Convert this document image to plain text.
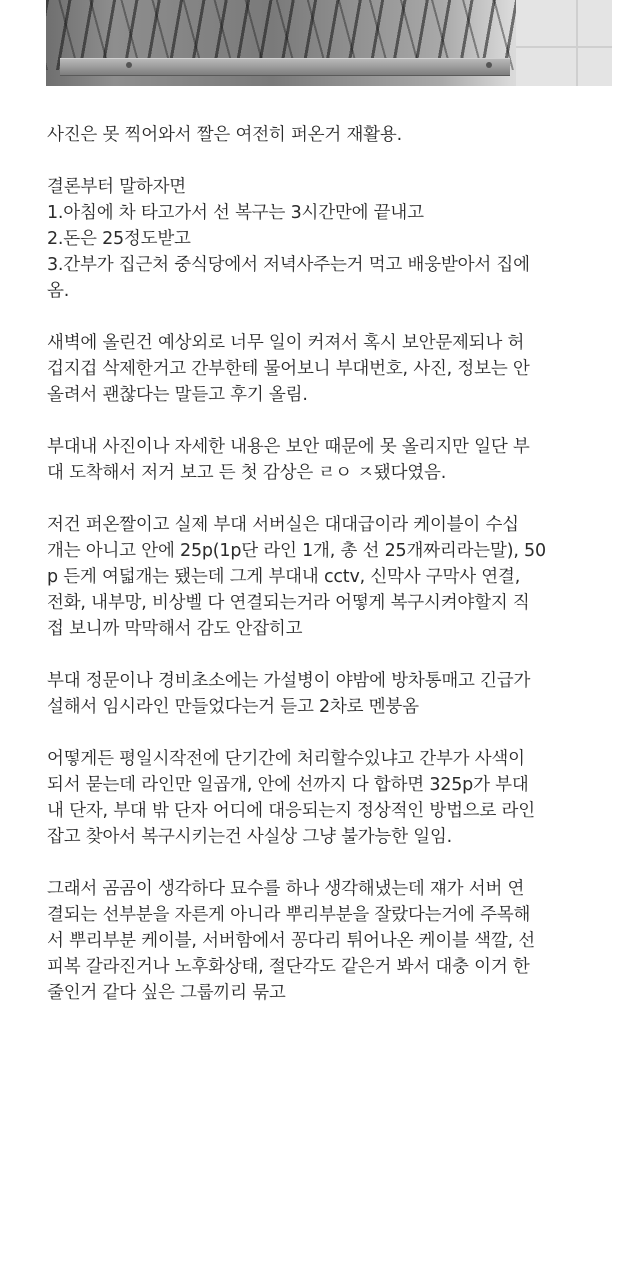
사진은 못 찍어와서 짤은 여전히 퍼온거 재활용.

결론부터 말하자면
1.아침에 차 타고가서 선 복구는 3시간만에 끝내고
2.돈은 25정도받고
3.간부가 집근처 중식당에서 저녁사주는거 먹고 배웅받아서 집에
옴.

새벽에 올린건 예상외로 너무 일이 커져서 혹시 보안문제되나 허
겁지겁 삭제한거고 간부한테 물어보니 부대번호, 사진, 정보는 안
올려서 괜찮다는 말듣고 후기 올림.

부대내 사진이나 자세한 내용은 보안 때문에 못 올리지만 일단 부
대 도착해서 저거 보고 든 첫 감상은 ㄹㅇ ㅈ됐다였음.

저건 퍼온짤이고 실제 부대 서버실은 대대급이라 케이블이 수십
개는 아니고 안에 25p(1p단 라인 1개, 총 선 25개짜리라는말), 50
p 든게 여덟개는 됐는데 그게 부대내 cctv, 신막사 구막사 연결,
전화, 내부망, 비상벨 다 연결되는거라 어떻게 복구시켜야할지 직
접 보니까 막막해서 감도 안잡히고

부대 정문이나 경비초소에는 가설병이 야밤에 방차통매고 긴급가
설해서 임시라인 만들었다는거 듣고 2차로 멘붕옴

어떻게든 평일시작전에 단기간에 처리할수있냐고 간부가 사색이
되서 묻는데 라인만 일곱개, 안에 선까지 다 합하면 325p가 부대
내 단자, 부대 밖 단자 어디에 대응되는지 정상적인 방법으로 라인
잡고 찾아서 복구시키는건 사실상 그냥 불가능한 일임.

그래서 곰곰이 생각하다 묘수를 하나 생각해냈는데 쟤가 서버 연
결되는 선부분을 자른게 아니라 뿌리부분을 잘랐다는거에 주목해
서 뿌리부분 케이블, 서버함에서 꽁다리 튀어나온 케이블 색깔, 선
피복 갈라진거나 노후화상태, 절단각도 같은거 봐서 대충 이거 한
줄인거 같다 싶은 그룹끼리 묶고
